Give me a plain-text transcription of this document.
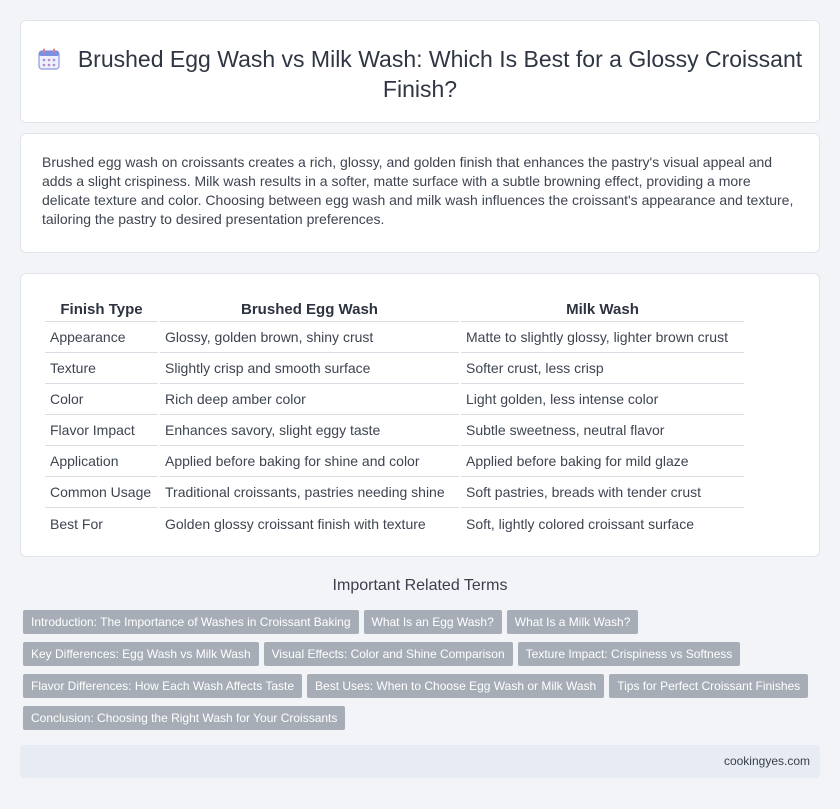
Brushed Egg Wash vs Milk Wash: Which Is Best for a Glossy Croissant Finish?

Brushed egg wash on croissants creates a rich, glossy, and golden finish that enhances the pastry's visual appeal and adds a slight crispiness. Milk wash results in a softer, matte surface with a subtle browning effect, providing a more delicate texture and color. Choosing between egg wash and milk wash influences the croissant's appearance and texture, tailoring the pastry to desired presentation preferences.

Finish Type	Brushed Egg Wash	Milk Wash
Appearance	Glossy, golden brown, shiny crust	Matte to slightly glossy, lighter brown crust
Texture	Slightly crisp and smooth surface	Softer crust, less crisp
Color	Rich deep amber color	Light golden, less intense color
Flavor Impact	Enhances savory, slight eggy taste	Subtle sweetness, neutral flavor
Application	Applied before baking for shine and color	Applied before baking for mild glaze
Common Usage	Traditional croissants, pastries needing shine	Soft pastries, breads with tender crust
Best For	Golden glossy croissant finish with texture	Soft, lightly colored croissant surface
Important Related Terms
Introduction: The Importance of Washes in Croissant Baking What Is an Egg Wash? What Is a Milk Wash?
Key Differences: Egg Wash vs Milk Wash Visual Effects: Color and Shine Comparison Texture Impact: Crispiness vs Softness
Flavor Differences: How Each Wash Affects Taste Best Uses: When to Choose Egg Wash or Milk Wash Tips for Perfect Croissant Finishes
Conclusion: Choosing the Right Wash for Your Croissants
cookingyes.com
